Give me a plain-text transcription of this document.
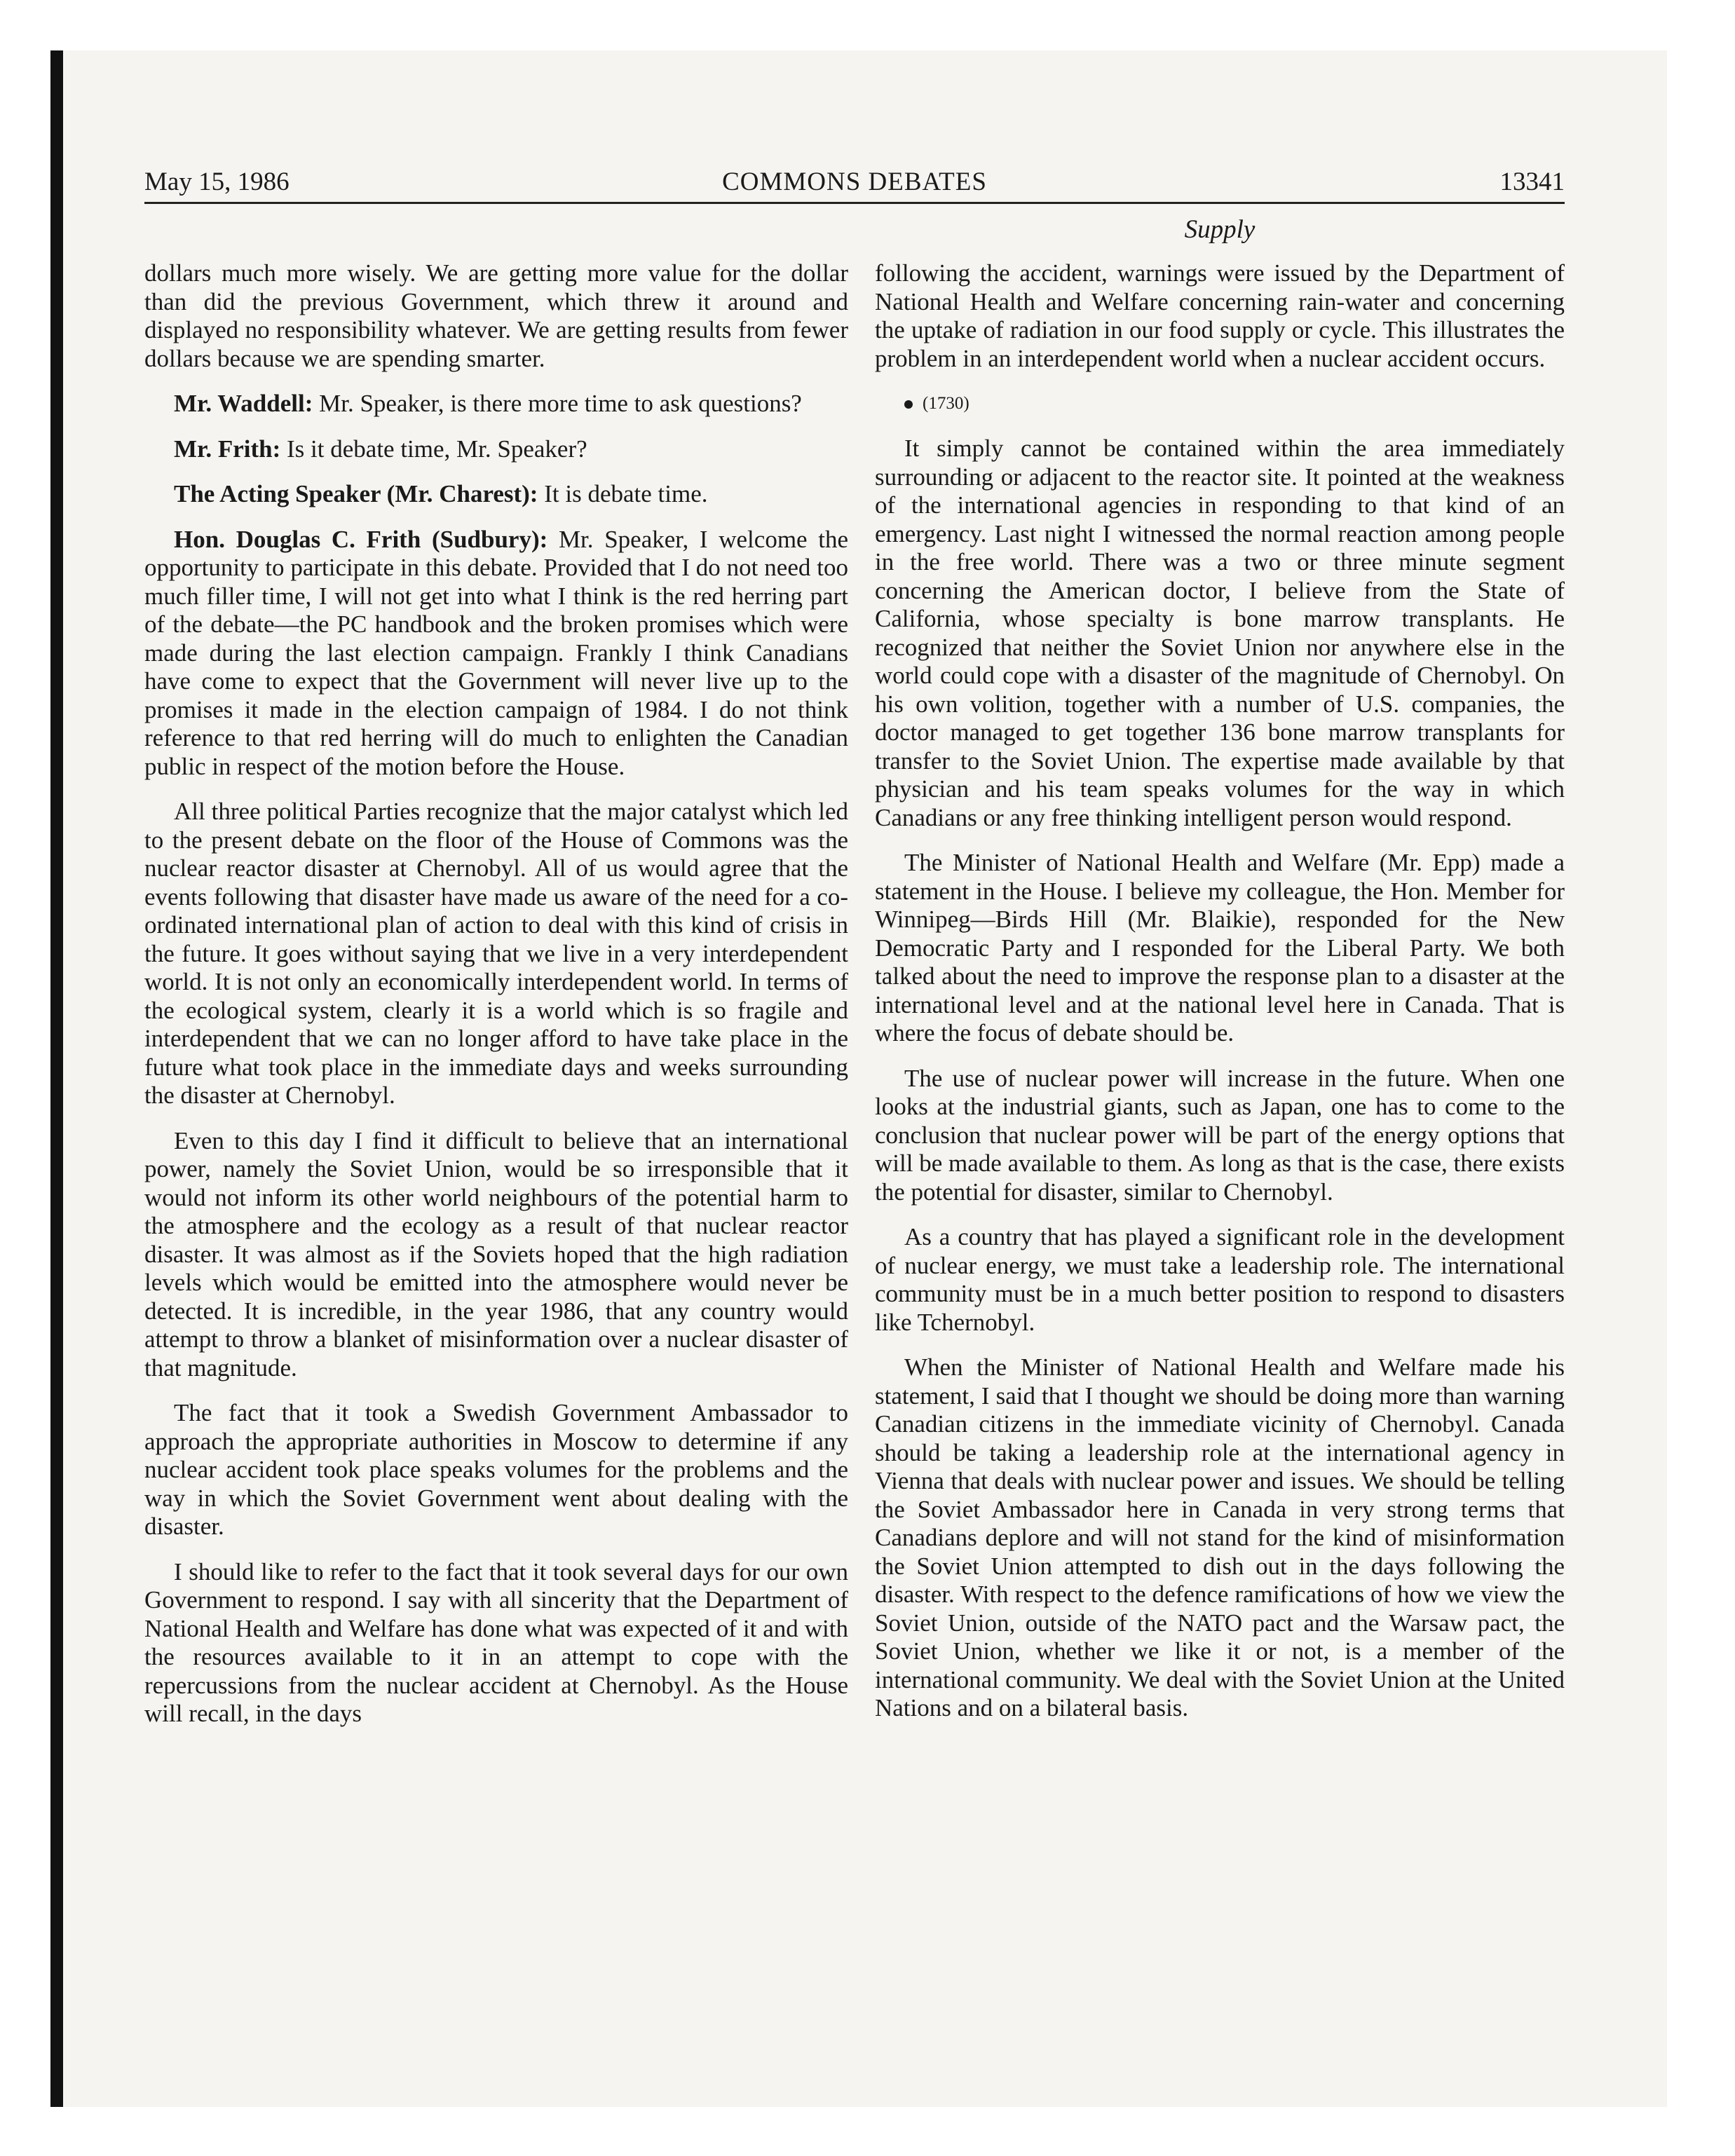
May 15, 1986	COMMONS DEBATES	13341
Supply

dollars much more wisely. We are getting more value for the dollar than did the previous Government, which threw it around and displayed no responsibility whatever. We are getting results from fewer dollars because we are spending smarter.

Mr. Waddell: Mr. Speaker, is there more time to ask questions?

Mr. Frith: Is it debate time, Mr. Speaker?

The Acting Speaker (Mr. Charest): It is debate time.

Hon. Douglas C. Frith (Sudbury): Mr. Speaker, I welcome the opportunity to participate in this debate. Provided that I do not need too much filler time, I will not get into what I think is the red herring part of the debate—the PC handbook and the broken promises which were made during the last election campaign. Frankly I think Canadians have come to expect that the Government will never live up to the promises it made in the election campaign of 1984. I do not think reference to that red herring will do much to enlighten the Canadian public in respect of the motion before the House.

All three political Parties recognize that the major catalyst which led to the present debate on the floor of the House of Commons was the nuclear reactor disaster at Chernobyl. All of us would agree that the events following that disaster have made us aware of the need for a co-ordinated international plan of action to deal with this kind of crisis in the future. It goes without saying that we live in a very interdependent world. It is not only an economically interdependent world. In terms of the ecological system, clearly it is a world which is so fragile and interdependent that we can no longer afford to have take place in the future what took place in the immediate days and weeks surrounding the disaster at Chernobyl.

Even to this day I find it difficult to believe that an international power, namely the Soviet Union, would be so irresponsible that it would not inform its other world neighbours of the potential harm to the atmosphere and the ecology as a result of that nuclear reactor disaster. It was almost as if the Soviets hoped that the high radiation levels which would be emitted into the atmosphere would never be detected. It is incredible, in the year 1986, that any country would attempt to throw a blanket of misinformation over a nuclear disaster of that magnitude.

The fact that it took a Swedish Government Ambassador to approach the appropriate authorities in Moscow to determine if any nuclear accident took place speaks volumes for the problems and the way in which the Soviet Government went about dealing with the disaster.

I should like to refer to the fact that it took several days for our own Government to respond. I say with all sincerity that the Department of National Health and Welfare has done what was expected of it and with the resources available to it in an attempt to cope with the repercussions from the nuclear accident at Chernobyl. As the House will recall, in the days

following the accident, warnings were issued by the Department of National Health and Welfare concerning rain-water and concerning the uptake of radiation in our food supply or cycle. This illustrates the problem in an interdependent world when a nuclear accident occurs.

(1730)

It simply cannot be contained within the area immediately surrounding or adjacent to the reactor site. It pointed at the weakness of the international agencies in responding to that kind of an emergency. Last night I witnessed the normal reaction among people in the free world. There was a two or three minute segment concerning the American doctor, I believe from the State of California, whose specialty is bone marrow transplants. He recognized that neither the Soviet Union nor anywhere else in the world could cope with a disaster of the magnitude of Chernobyl. On his own volition, together with a number of U.S. companies, the doctor managed to get together 136 bone marrow transplants for transfer to the Soviet Union. The expertise made available by that physician and his team speaks volumes for the way in which Canadians or any free thinking intelligent person would respond.

The Minister of National Health and Welfare (Mr. Epp) made a statement in the House. I believe my colleague, the Hon. Member for Winnipeg—Birds Hill (Mr. Blaikie), responded for the New Democratic Party and I responded for the Liberal Party. We both talked about the need to improve the response plan to a disaster at the international level and at the national level here in Canada. That is where the focus of debate should be.

The use of nuclear power will increase in the future. When one looks at the industrial giants, such as Japan, one has to come to the conclusion that nuclear power will be part of the energy options that will be made available to them. As long as that is the case, there exists the potential for disaster, similar to Chernobyl.

As a country that has played a significant role in the development of nuclear energy, we must take a leadership role. The international community must be in a much better position to respond to disasters like Tchernobyl.

When the Minister of National Health and Welfare made his statement, I said that I thought we should be doing more than warning Canadian citizens in the immediate vicinity of Chernobyl. Canada should be taking a leadership role at the international agency in Vienna that deals with nuclear power and issues. We should be telling the Soviet Ambassador here in Canada in very strong terms that Canadians deplore and will not stand for the kind of misinformation the Soviet Union attempted to dish out in the days following the disaster. With respect to the defence ramifications of how we view the Soviet Union, outside of the NATO pact and the Warsaw pact, the Soviet Union, whether we like it or not, is a member of the international community. We deal with the Soviet Union at the United Nations and on a bilateral basis.
